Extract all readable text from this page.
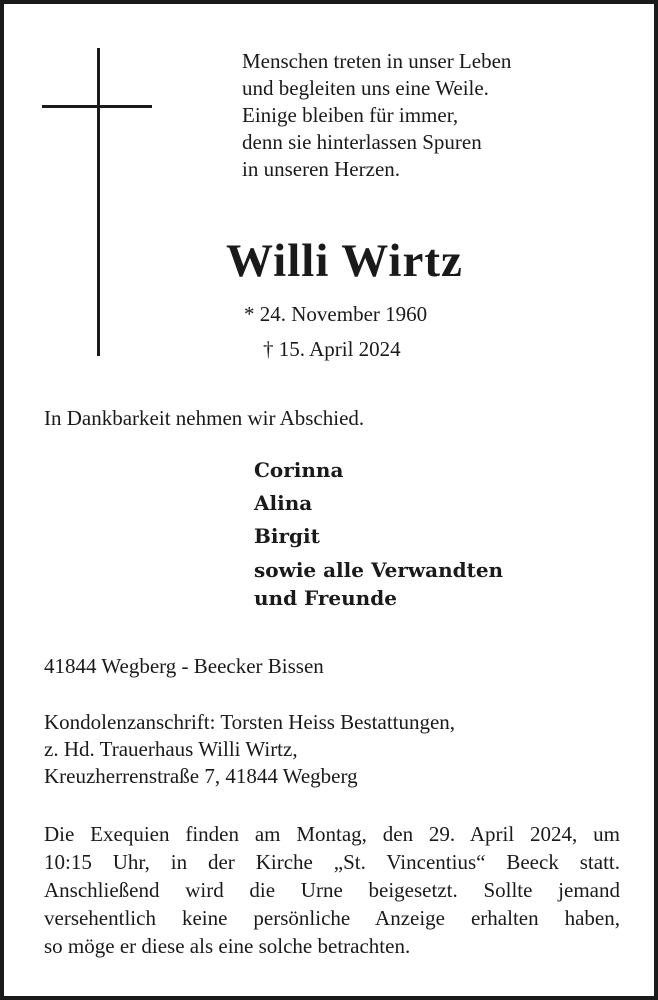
Menschen treten in unser Leben
und begleiten uns eine Weile.
Einige bleiben für immer,
denn sie hinterlassen Spuren
in unseren Herzen.
Willi Wirtz
* 24. November 1960
† 15. April 2024
In Dankbarkeit nehmen wir Abschied.
Corinna
Alina
Birgit
sowie alle Verwandten
und Freunde
41844 Wegberg - Beecker Bissen
Kondolenzanschrift: Torsten Heiss Bestattungen,
z. Hd. Trauerhaus Willi Wirtz,
Kreuzherrenstraße 7, 41844 Wegberg
Die Exequien finden am Montag, den 29. April 2024, um
10:15 Uhr, in der Kirche „St. Vincentius“ Beeck statt.
Anschließend wird die Urne beigesetzt. Sollte jemand
versehentlich keine persönliche Anzeige erhalten haben,
so möge er diese als eine solche betrachten.
